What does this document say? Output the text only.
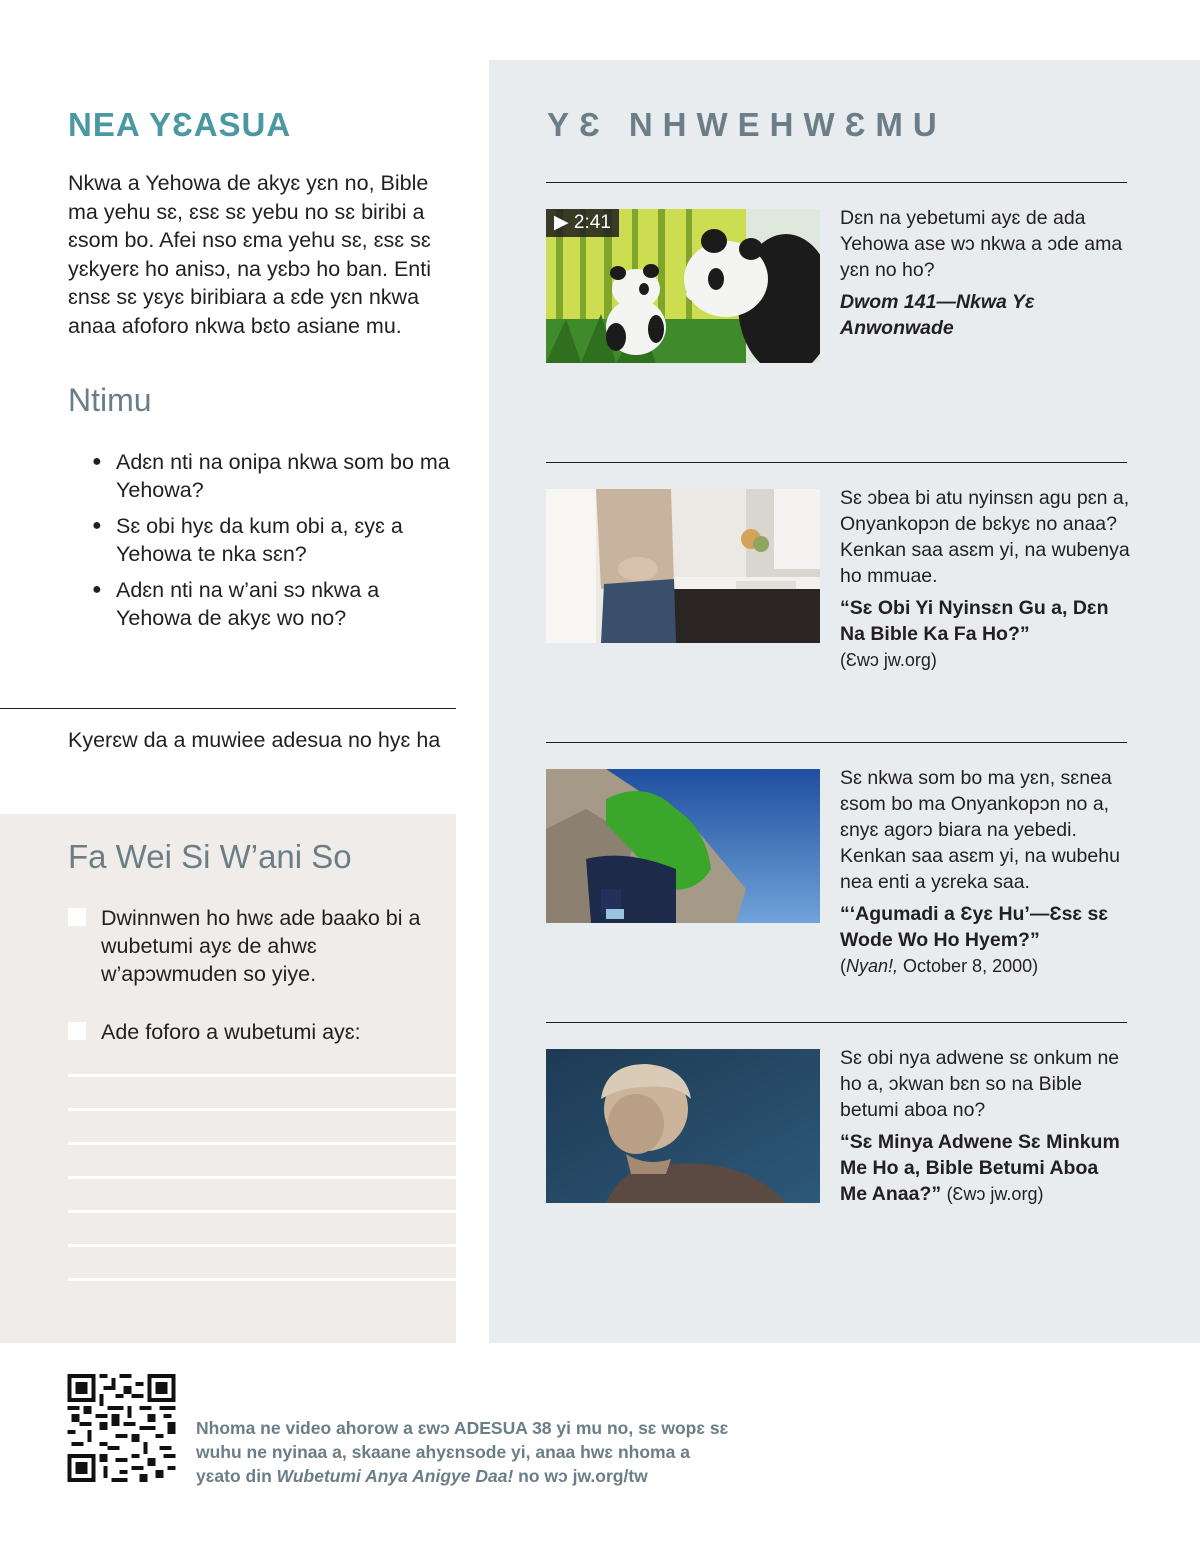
NEA YƐASUA
Nkwa a Yehowa de akyɛ yɛn no, Bible ma yehu sɛ, ɛsɛ sɛ yebu no sɛ biribi a ɛsom bo. Afei nso ɛma yehu sɛ, ɛsɛ sɛ yɛkyerɛ ho anisɔ, na yɛbɔ ho ban. Enti ɛnsɛ sɛ yɛyɛ biribiara a ɛde yɛn nkwa anaa afoforo nkwa bɛto asiane mu.
Ntimu
● Adɛn nti na onipa nkwa som bo ma Yehowa?
● Sɛ obi hyɛ da kum obi a, ɛyɛ a Yehowa te nka sɛn?
● Adɛn nti na w’ani sɔ nkwa a Yehowa de akyɛ wo no?
Kyerɛw da a muwiee adesua no hyɛ ha
Fa Wei Si W’ani So
Dwinnwen ho hwɛ ade baako bi a wubetumi ayɛ de ahwɛ w’apɔwmuden so yiye.
Ade foforo a wubetumi ayɛ:
YƐ NHWEHWƐMU
▶ 2:41	Dɛn na yebetumi ayɛ de ada Yehowa ase wɔ nkwa a ɔde ama yɛn no ho?
Dwom 141—Nkwa Yɛ Anwonwade
Sɛ ɔbea bi atu nyinsɛn agu pɛn a, Onyankopɔn de bɛkyɛ no anaa? Kenkan saa asɛm yi, na wubenya ho mmuae.
“Sɛ Obi Yi Nyinsɛn Gu a, Dɛn Na Bible Ka Fa Ho?”
(Ɛwɔ jw.org)
Sɛ nkwa som bo ma yɛn, sɛnea ɛsom bo ma Onyankopɔn no a, ɛnyɛ agorɔ biara na yebedi. Kenkan saa asɛm yi, na wubehu nea enti a yɛreka saa.
“‘Agumadi a Ɛyɛ Hu’—Ɛsɛ sɛ Wode Wo Ho Hyem?”
(Nyan!, October 8, 2000)
Sɛ obi nya adwene sɛ onkum ne ho a, ɔkwan bɛn so na Bible betumi aboa no?
“Sɛ Minya Adwene Sɛ Minkum Me Ho a, Bible Betumi Aboa Me Anaa?” (Ɛwɔ jw.org)
Nhoma ne video ahorow a ɛwɔ ADESUA 38 yi mu no, sɛ wopɛ sɛ wuhu ne nyinaa a, skaane ahyɛnsode yi, anaa hwɛ nhoma a yɛato din Wubetumi Anya Anigye Daa! no wɔ jw.org/tw
